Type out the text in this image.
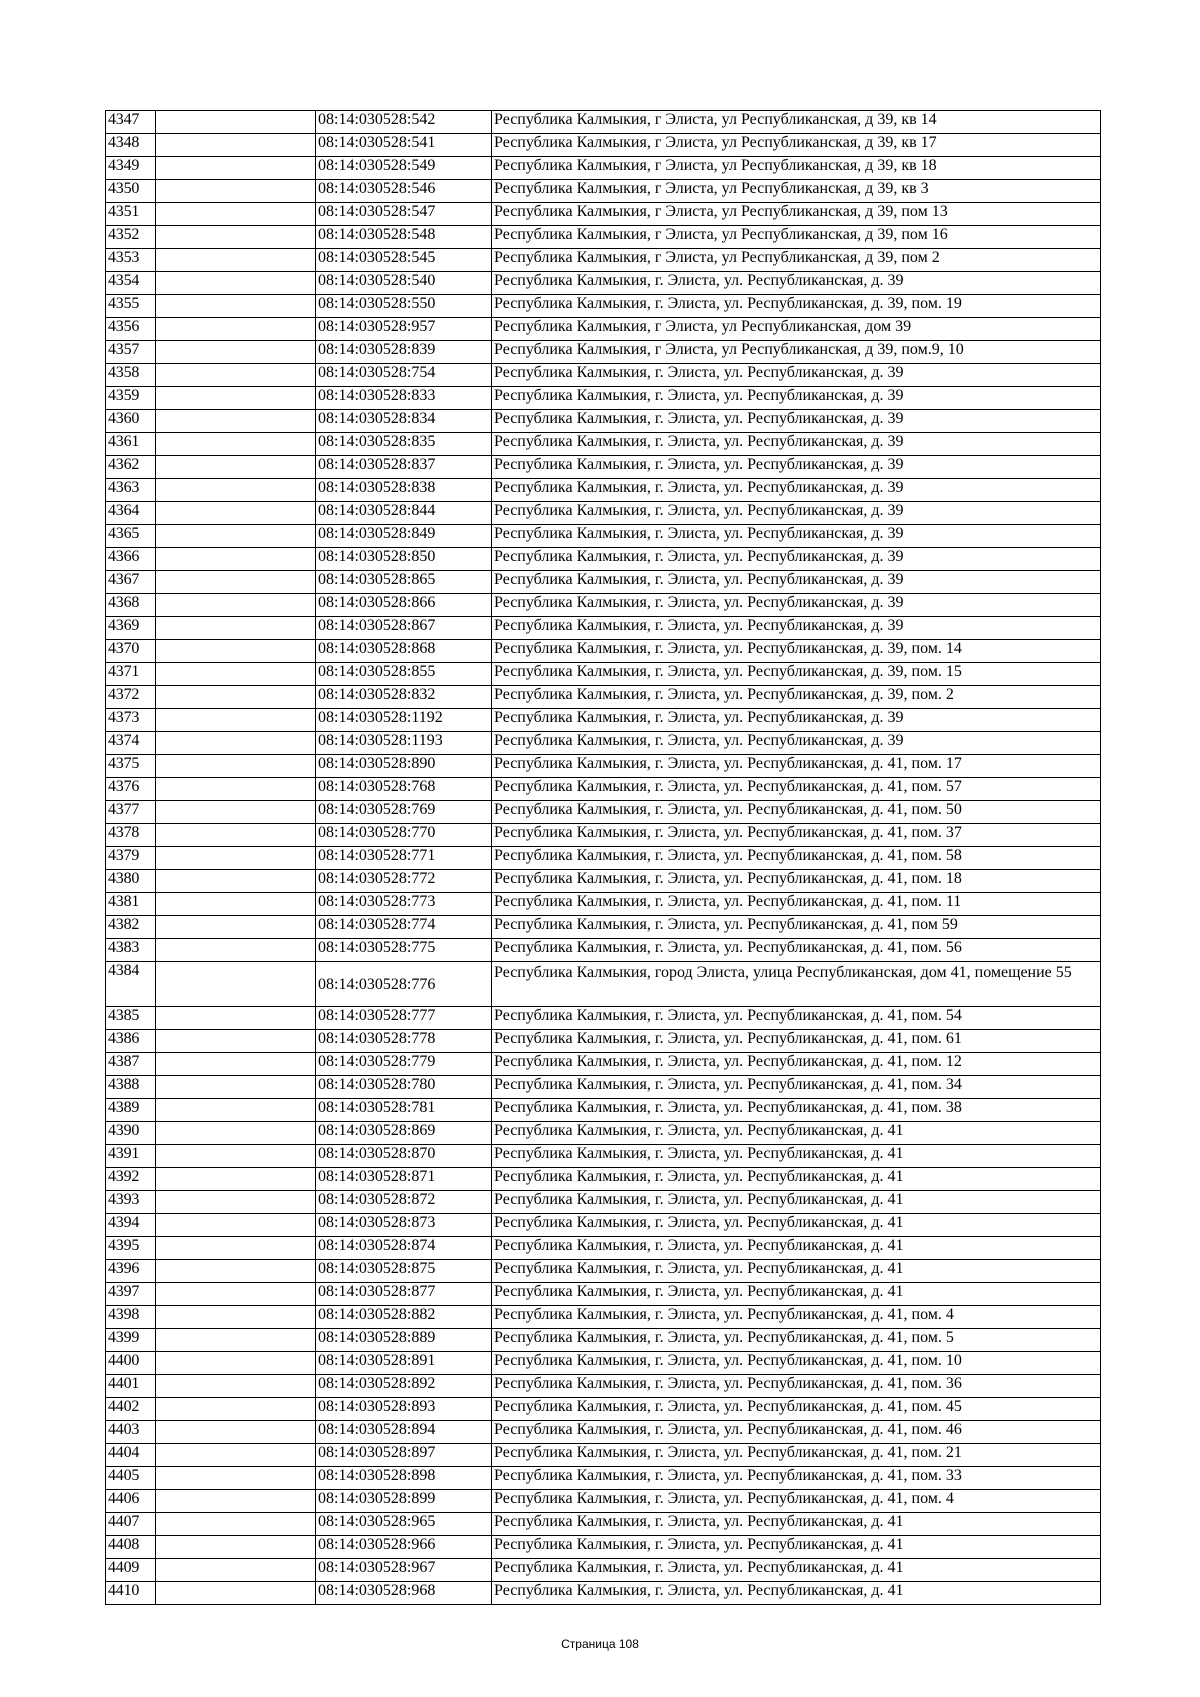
4347		08:14:030528:542	Республика Калмыкия, г Элиста, ул Республиканская, д 39, кв 14
4348		08:14:030528:541	Республика Калмыкия, г Элиста, ул Республиканская, д 39, кв 17
4349		08:14:030528:549	Республика Калмыкия, г Элиста, ул Республиканская, д 39, кв 18
4350		08:14:030528:546	Республика Калмыкия, г Элиста, ул Республиканская, д 39, кв 3
4351		08:14:030528:547	Республика Калмыкия, г Элиста, ул Республиканская, д 39, пом 13
4352		08:14:030528:548	Республика Калмыкия, г Элиста, ул Республиканская, д 39, пом 16
4353		08:14:030528:545	Республика Калмыкия, г Элиста, ул Республиканская, д 39, пом 2
4354		08:14:030528:540	Республика Калмыкия, г. Элиста, ул. Республиканская, д. 39
4355		08:14:030528:550	Республика Калмыкия, г. Элиста, ул. Республиканская, д. 39, пом. 19
4356		08:14:030528:957	Республика Калмыкия, г Элиста, ул Республиканская, дом 39
4357		08:14:030528:839	Республика Калмыкия, г Элиста, ул Республиканская, д 39, пом.9, 10
4358		08:14:030528:754	Республика Калмыкия, г. Элиста, ул. Республиканская, д. 39
4359		08:14:030528:833	Республика Калмыкия, г. Элиста, ул. Республиканская, д. 39
4360		08:14:030528:834	Республика Калмыкия, г. Элиста, ул. Республиканская, д. 39
4361		08:14:030528:835	Республика Калмыкия, г. Элиста, ул. Республиканская, д. 39
4362		08:14:030528:837	Республика Калмыкия, г. Элиста, ул. Республиканская, д. 39
4363		08:14:030528:838	Республика Калмыкия, г. Элиста, ул. Республиканская, д. 39
4364		08:14:030528:844	Республика Калмыкия, г. Элиста, ул. Республиканская, д. 39
4365		08:14:030528:849	Республика Калмыкия, г. Элиста, ул. Республиканская, д. 39
4366		08:14:030528:850	Республика Калмыкия, г. Элиста, ул. Республиканская, д. 39
4367		08:14:030528:865	Республика Калмыкия, г. Элиста, ул. Республиканская, д. 39
4368		08:14:030528:866	Республика Калмыкия, г. Элиста, ул. Республиканская, д. 39
4369		08:14:030528:867	Республика Калмыкия, г. Элиста, ул. Республиканская, д. 39
4370		08:14:030528:868	Республика Калмыкия, г. Элиста, ул. Республиканская, д. 39, пом. 14
4371		08:14:030528:855	Республика Калмыкия, г. Элиста, ул. Республиканская, д. 39, пом. 15
4372		08:14:030528:832	Республика Калмыкия, г. Элиста, ул. Республиканская, д. 39, пом. 2
4373		08:14:030528:1192	Республика Калмыкия, г. Элиста, ул. Республиканская, д. 39
4374		08:14:030528:1193	Республика Калмыкия, г. Элиста, ул. Республиканская, д. 39
4375		08:14:030528:890	Республика Калмыкия, г. Элиста, ул. Республиканская, д. 41, пом. 17
4376		08:14:030528:768	Республика Калмыкия, г. Элиста, ул. Республиканская, д. 41, пом. 57
4377		08:14:030528:769	Республика Калмыкия, г. Элиста, ул. Республиканская, д. 41, пом. 50
4378		08:14:030528:770	Республика Калмыкия, г. Элиста, ул. Республиканская, д. 41, пом. 37
4379		08:14:030528:771	Республика Калмыкия, г. Элиста, ул. Республиканская, д. 41, пом. 58
4380		08:14:030528:772	Республика Калмыкия, г. Элиста, ул. Республиканская, д. 41, пом. 18
4381		08:14:030528:773	Республика Калмыкия, г. Элиста, ул. Республиканская, д. 41, пом. 11
4382		08:14:030528:774	Республика Калмыкия, г. Элиста, ул. Республиканская, д. 41, пом 59
4383		08:14:030528:775	Республика Калмыкия, г. Элиста, ул. Республиканская, д. 41, пом. 56
4384		08:14:030528:776	Республика Калмыкия, город Элиста, улица Республиканская, дом 41, помещение 55
4385		08:14:030528:777	Республика Калмыкия, г. Элиста, ул. Республиканская, д. 41, пом. 54
4386		08:14:030528:778	Республика Калмыкия, г. Элиста, ул. Республиканская, д. 41, пом. 61
4387		08:14:030528:779	Республика Калмыкия, г. Элиста, ул. Республиканская, д. 41, пом. 12
4388		08:14:030528:780	Республика Калмыкия, г. Элиста, ул. Республиканская, д. 41, пом. 34
4389		08:14:030528:781	Республика Калмыкия, г. Элиста, ул. Республиканская, д. 41, пом. 38
4390		08:14:030528:869	Республика Калмыкия, г. Элиста, ул. Республиканская, д. 41
4391		08:14:030528:870	Республика Калмыкия, г. Элиста, ул. Республиканская, д. 41
4392		08:14:030528:871	Республика Калмыкия, г. Элиста, ул. Республиканская, д. 41
4393		08:14:030528:872	Республика Калмыкия, г. Элиста, ул. Республиканская, д. 41
4394		08:14:030528:873	Республика Калмыкия, г. Элиста, ул. Республиканская, д. 41
4395		08:14:030528:874	Республика Калмыкия, г. Элиста, ул. Республиканская, д. 41
4396		08:14:030528:875	Республика Калмыкия, г. Элиста, ул. Республиканская, д. 41
4397		08:14:030528:877	Республика Калмыкия, г. Элиста, ул. Республиканская, д. 41
4398		08:14:030528:882	Республика Калмыкия, г. Элиста, ул. Республиканская, д. 41, пом. 4
4399		08:14:030528:889	Республика Калмыкия, г. Элиста, ул. Республиканская, д. 41, пом. 5
4400		08:14:030528:891	Республика Калмыкия, г. Элиста, ул. Республиканская, д. 41, пом. 10
4401		08:14:030528:892	Республика Калмыкия, г. Элиста, ул. Республиканская, д. 41, пом. 36
4402		08:14:030528:893	Республика Калмыкия, г. Элиста, ул. Республиканская, д. 41, пом. 45
4403		08:14:030528:894	Республика Калмыкия, г. Элиста, ул. Республиканская, д. 41, пом. 46
4404		08:14:030528:897	Республика Калмыкия, г. Элиста, ул. Республиканская, д. 41, пом. 21
4405		08:14:030528:898	Республика Калмыкия, г. Элиста, ул. Республиканская, д. 41, пом. 33
4406		08:14:030528:899	Республика Калмыкия, г. Элиста, ул. Республиканская, д. 41, пом. 4
4407		08:14:030528:965	Республика Калмыкия, г. Элиста, ул. Республиканская, д. 41
4408		08:14:030528:966	Республика Калмыкия, г. Элиста, ул. Республиканская, д. 41
4409		08:14:030528:967	Республика Калмыкия, г. Элиста, ул. Республиканская, д. 41
4410		08:14:030528:968	Республика Калмыкия, г. Элиста, ул. Республиканская, д. 41
Страница 108
